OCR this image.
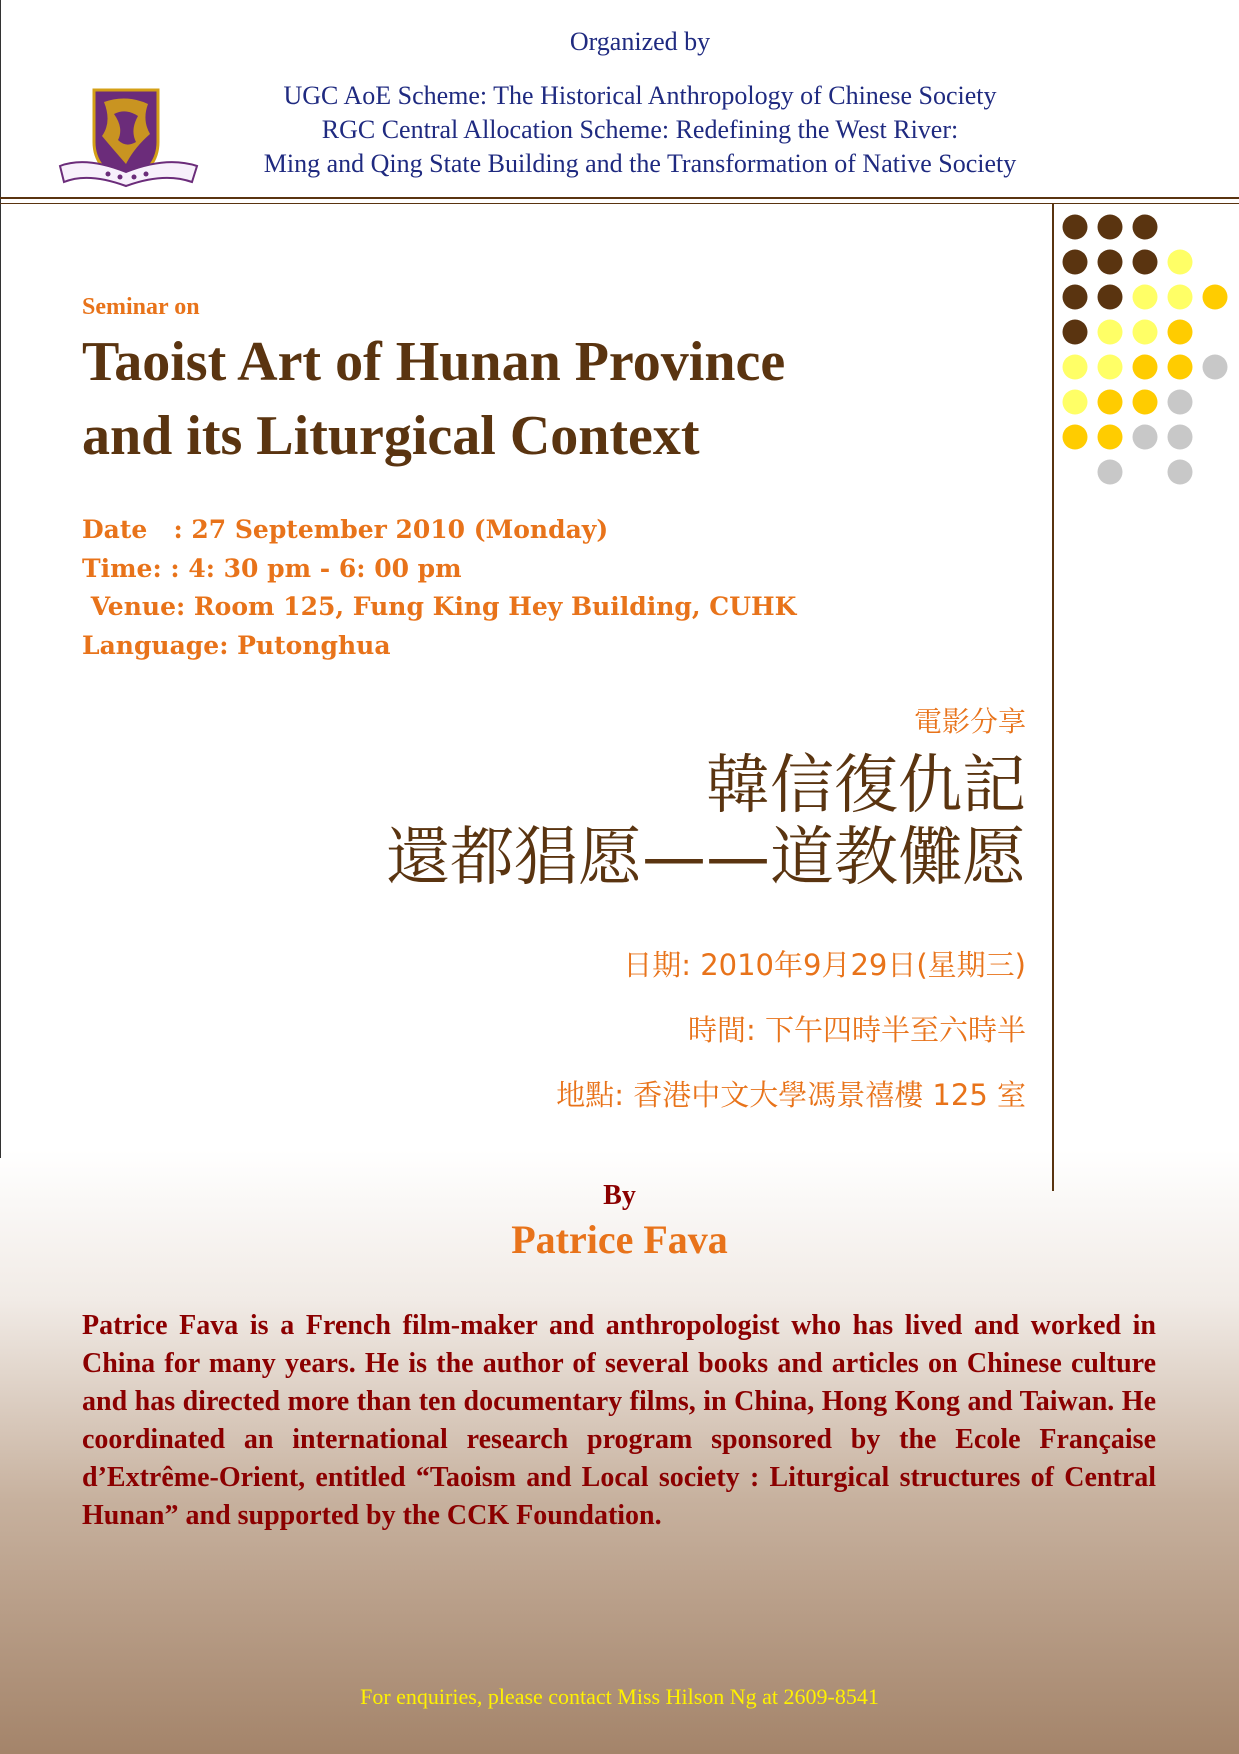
Organized by
UGC AoE Scheme: The Historical Anthropology of Chinese Society
RGC Central Allocation Scheme: Redefining the West River:
Ming and Qing State Building and the Transformation of Native Society
Seminar on
Taoist Art of Hunan Province
and its Liturgical Context
Date   : 27 September 2010 (Monday)
Time: : 4: 30 pm - 6: 00 pm
Venue: Room 125, Fung King Hey Building, CUHK
Language: Putonghua
電影分享
韓信復仇記
還都猖愿——道教儺愿
日期: 2010年9月29日(星期三)
時間: 下午四時半至六時半
地點: 香港中文大學馮景禧樓 125 室
By
Patrice Fava
Patrice Fava is a French film-maker and anthropologist who has lived and worked in China for many years. He is the author of several books and articles on Chinese culture and has directed more than ten documentary films, in China, Hong Kong and Taiwan. He coordinated an international research program sponsored by the Ecole Française d’Extrême-Orient, entitled “Taoism and Local society : Liturgical structures of Central Hunan” and supported by the CCK Foundation.
For enquiries, please contact Miss Hilson Ng at 2609-8541
